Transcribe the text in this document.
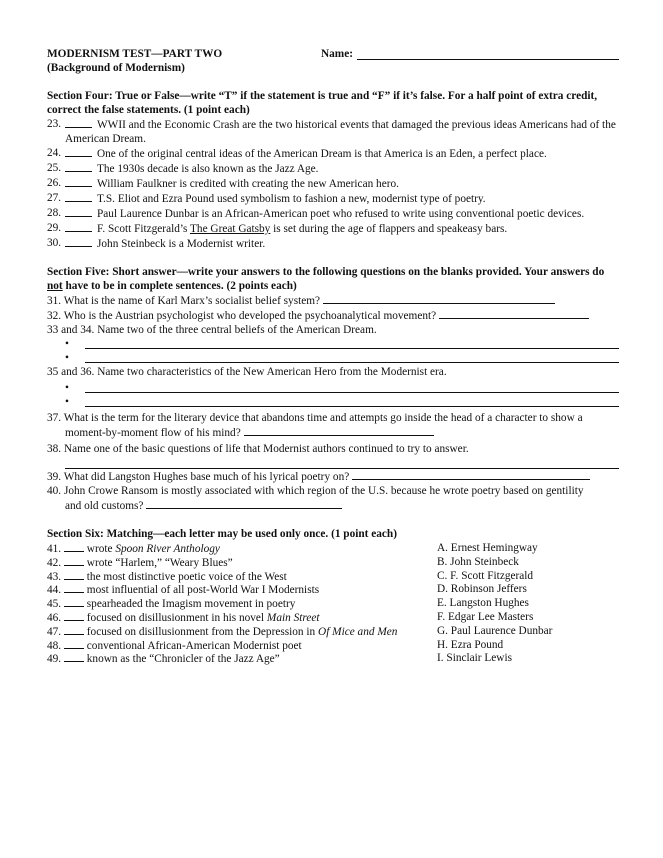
MODERNISM TEST—PART TWO
(Background of Modernism)
Name:
Section Four: True or False—write “T” if the statement is true and “F” if it’s false. For a half point of extra credit, correct the false statements. (1 point each)
23.	WWII and the Economic Crash are the two historical events that damaged the previous ideas Americans had of the American Dream.
24.	One of the original central ideas of the American Dream is that America is an Eden, a perfect place.
25.	The 1930s decade is also known as the Jazz Age.
26.	William Faulkner is credited with creating the new American hero.
27.	T.S. Eliot and Ezra Pound used symbolism to fashion a new, modernist type of poetry.
28.	Paul Laurence Dunbar is an African-American poet who refused to write using conventional poetic devices.
29.	F. Scott Fitzgerald’s The Great Gatsby is set during the age of flappers and speakeasy bars.
30.	John Steinbeck is a Modernist writer.
Section Five: Short answer—write your answers to the following questions on the blanks provided. Your answers do not have to be in complete sentences. (2 points each)
31. What is the name of Karl Marx’s socialist belief system?
32. Who is the Austrian psychologist who developed the psychoanalytical movement?
33 and 34. Name two of the three central beliefs of the American Dream.
•
•
35 and 36. Name two characteristics of the New American Hero from the Modernist era.
•
•
37. What is the term for the literary device that abandons time and attempts go inside the head of a character to show a
moment-by-moment flow of his mind?
38. Name one of the basic questions of life that Modernist authors continued to try to answer.
39. What did Langston Hughes base much of his lyrical poetry on?
40. John Crowe Ransom is mostly associated with which region of the U.S. because he wrote poetry based on gentility
and old customs?
Section Six: Matching—each letter may be used only once. (1 point each)
41. wrote Spoon River Anthology	A. Ernest Hemingway
42. wrote “Harlem,” “Weary Blues”	B. John Steinbeck
43. the most distinctive poetic voice of the West	C. F. Scott Fitzgerald
44. most influential of all post-World War I Modernists	D. Robinson Jeffers
45. spearheaded the Imagism movement in poetry	E. Langston Hughes
46. focused on disillusionment in his novel Main Street	F. Edgar Lee Masters
47. focused on disillusionment from the Depression in Of Mice and Men	G. Paul Laurence Dunbar
48. conventional African-American Modernist poet	H. Ezra Pound
49. known as the “Chronicler of the Jazz Age”	I. Sinclair Lewis
